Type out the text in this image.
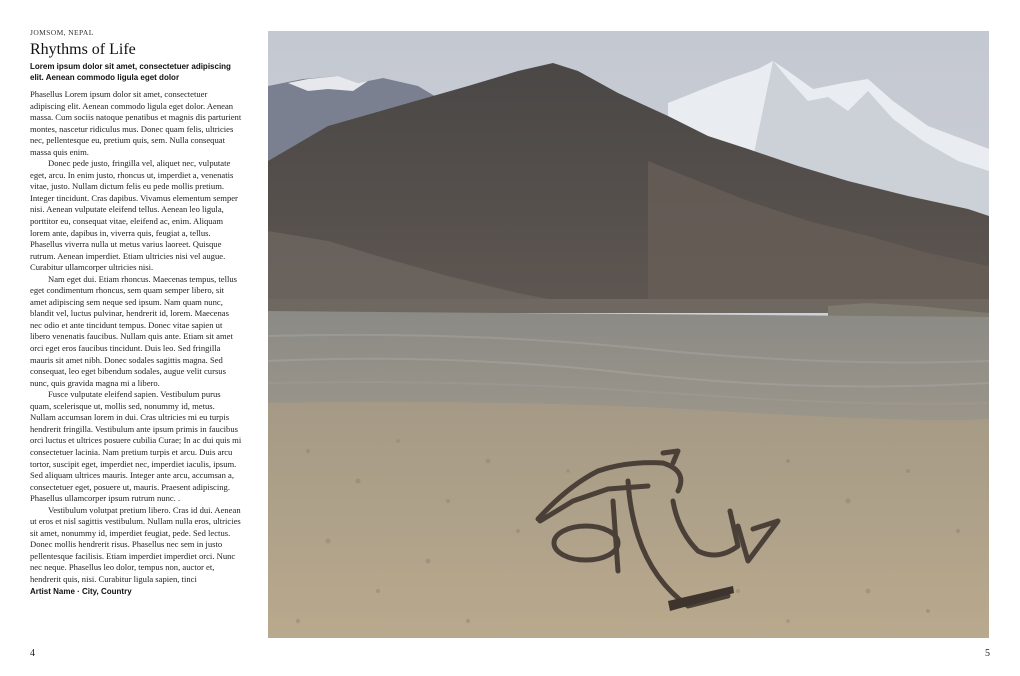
JOMSOM, NEPAL
Rhythms of Life
Lorem ipsum dolor sit amet, consectetuer adipiscing elit. Aenean commodo ligula eget dolor

Phasellus Lorem ipsum dolor sit amet, consectetuer adipiscing elit. Aenean commodo ligula eget dolor. Aenean massa. Cum sociis natoque penatibus et magnis dis parturient montes, nascetur ridiculus mus. Donec quam felis, ultricies nec, pellentesque eu, pretium quis, sem. Nulla consequat massa quis enim.

Donec pede justo, fringilla vel, aliquet nec, vulputate eget, arcu. In enim justo, rhoncus ut, imperdiet a, venenatis vitae, justo. Nullam dictum felis eu pede mollis pretium. Integer tincidunt. Cras dapibus. Vivamus elementum semper nisi. Aenean vulputate eleifend tellus. Aenean leo ligula, porttitor eu, consequat vitae, eleifend ac, enim. Aliquam lorem ante, dapibus in, viverra quis, feugiat a, tellus. Phasellus viverra nulla ut metus varius laoreet. Quisque rutrum. Aenean imperdiet. Etiam ultricies nisi vel augue. Curabitur ullamcorper ultricies nisi.

Nam eget dui. Etiam rhoncus. Maecenas tempus, tellus eget condimentum rhoncus, sem quam semper libero, sit amet adipiscing sem neque sed ipsum. Nam quam nunc, blandit vel, luctus pulvinar, hendrerit id, lorem. Maecenas nec odio et ante tincidunt tempus. Donec vitae sapien ut libero venenatis faucibus. Nullam quis ante. Etiam sit amet orci eget eros faucibus tincidunt. Duis leo. Sed fringilla mauris sit amet nibh. Donec sodales sagittis magna. Sed consequat, leo eget bibendum sodales, augue velit cursus nunc, quis gravida magna mi a libero.

Fusce vulputate eleifend sapien. Vestibulum purus quam, scelerisque ut, mollis sed, nonummy id, metus. Nullam accumsan lorem in dui. Cras ultricies mi eu turpis hendrerit fringilla. Vestibulum ante ipsum primis in faucibus orci luctus et ultrices posuere cubilia Curae; In ac dui quis mi consectetuer lacinia. Nam pretium turpis et arcu. Duis arcu tortor, suscipit eget, imperdiet nec, imperdiet iaculis, ipsum. Sed aliquam ultrices mauris. Integer ante arcu, accumsan a, consectetuer eget, posuere ut, mauris. Praesent adipiscing. Phasellus ullamcorper ipsum rutrum nunc. .

Vestibulum volutpat pretium libero. Cras id dui. Aenean ut eros et nisl sagittis vestibulum. Nullam nulla eros, ultricies sit amet, nonummy id, imperdiet feugiat, pede. Sed lectus. Donec mollis hendrerit risus. Phasellus nec sem in justo pellentesque facilisis. Etiam imperdiet imperdiet orci. Nunc nec neque. Phasellus leo dolor, tempus non, auctor et, hendrerit quis, nisi. Curabitur ligula sapien, tinci

Artist Name · City, Country
4	5
